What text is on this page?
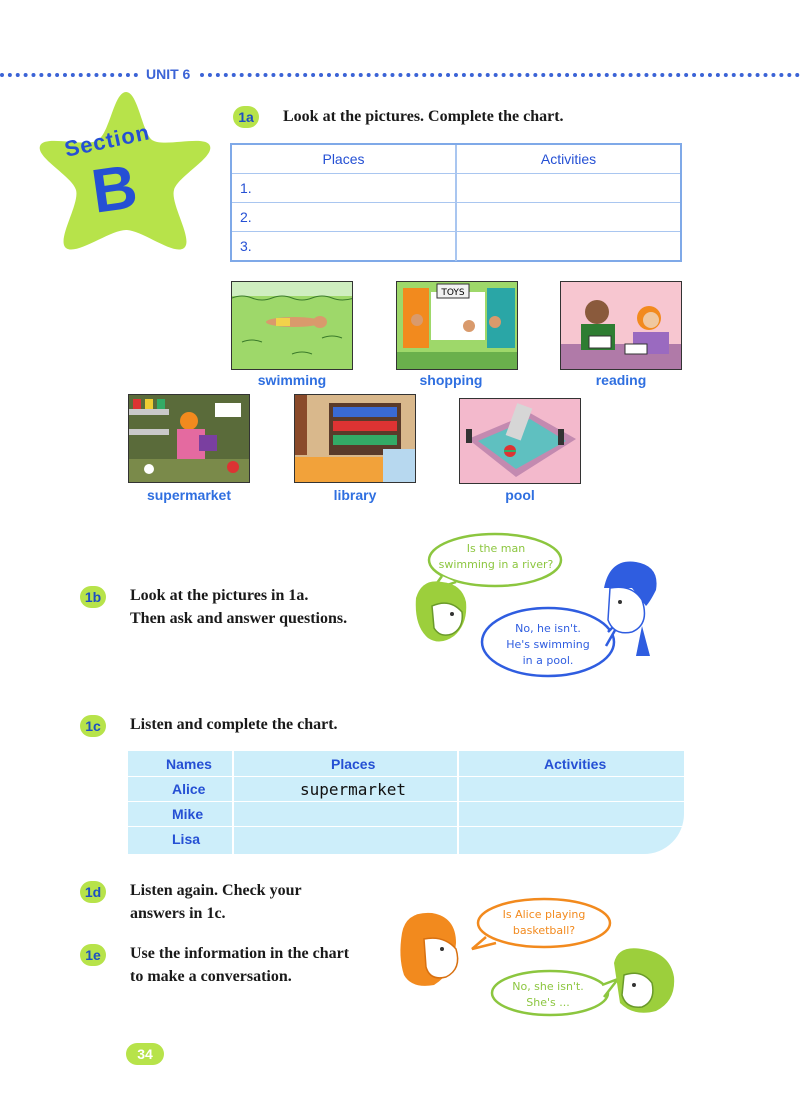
UNIT 6
Section
B
1a	Look at the pictures. Complete the chart.
Places	Activities
1.
2.
3.
swimming
TOYS
shopping	reading
supermarket	library	pool
1b	Look at the pictures in 1a.
Then ask and answer questions.
Is the man
swimming in a river?
No, he isn't.
He's swimming
in a pool.
1c	Listen and complete the chart.
Names	Places	Activities
Alice	supermarket
Mike
Lisa
1d	Listen again. Check your
answers in 1c.
1e	Use the information in the chart
to make a conversation.
Is Alice playing
basketball?
No, she isn't.
She's ...
34
